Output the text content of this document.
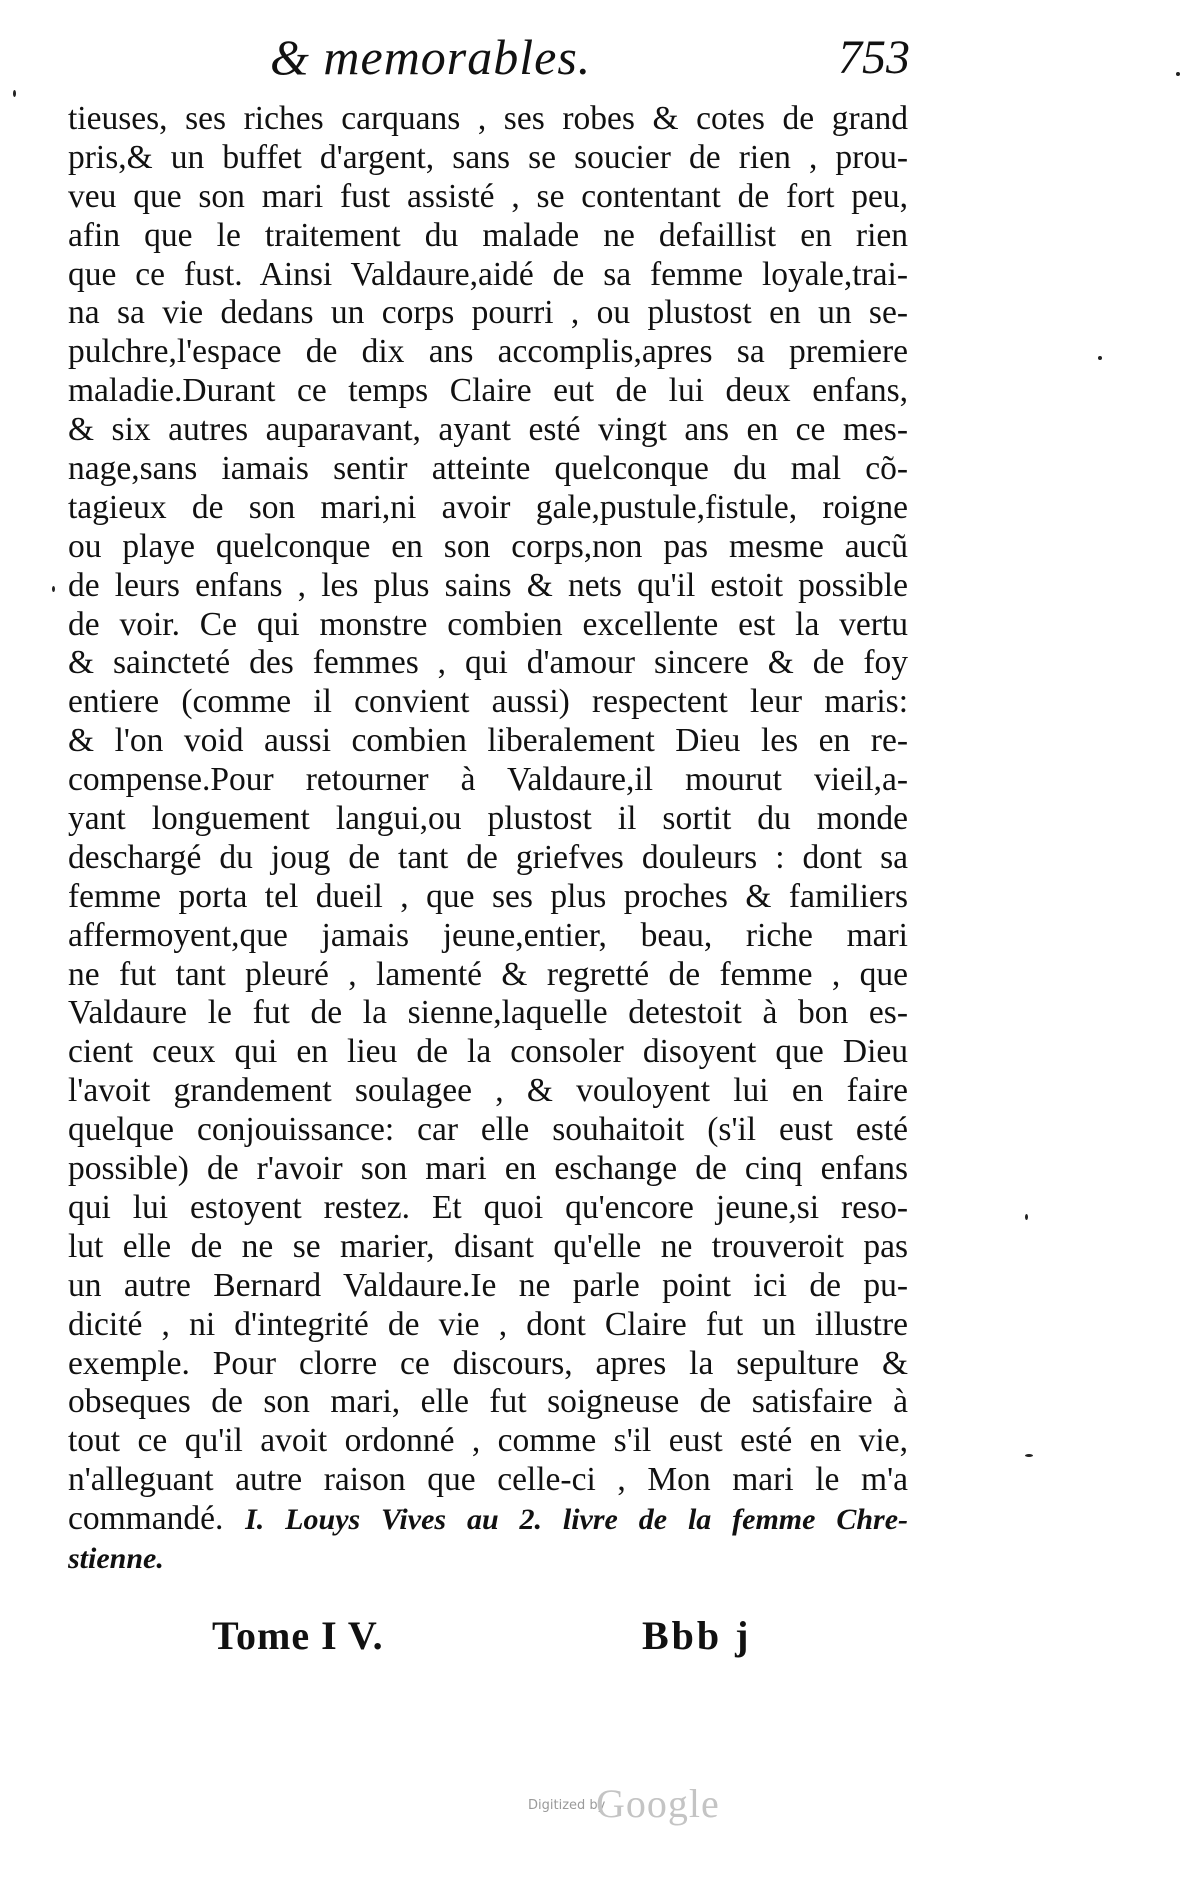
& memorables.	753
tieuses, ses riches carquans , ses robes & cotes de grand
pris,& un buffet d'argent, sans se soucier de rien , prou-
veu que son mari fust assisté , se contentant de fort peu,
afin que le traitement du malade ne defaillist en rien
que ce fust. Ainsi Valdaure,aidé de sa femme loyale,trai-
na sa vie dedans un corps pourri , ou plustost en un se-
pulchre,l'espace de dix ans accomplis,apres sa premiere
maladie.Durant ce temps Claire eut de lui deux enfans,
& six autres auparavant, ayant esté vingt ans en ce mes-
nage,sans iamais sentir atteinte quelconque du mal cõ-
tagieux de son mari,ni avoir gale,pustule,fistule, roigne
ou playe quelconque en son corps,non pas mesme aucũ
de leurs enfans , les plus sains & nets qu'il estoit possible
de voir. Ce qui monstre combien excellente est la vertu
& saincteté des femmes , qui d'amour sincere & de foy
entiere (comme il convient aussi) respectent leur maris:
& l'on void aussi combien liberalement Dieu les en re-
compense.Pour retourner à Valdaure,il mourut vieil,a-
yant longuement langui,ou plustost il sortit du monde
deschargé du joug de tant de griefves douleurs : dont sa
femme porta tel dueil , que ses plus proches & familiers
affermoyent,que jamais jeune,entier, beau, riche mari
ne fut tant pleuré , lamenté & regretté de femme , que
Valdaure le fut de la sienne,laquelle detestoit à bon es-
cient ceux qui en lieu de la consoler disoyent que Dieu
l'avoit grandement soulagee , & vouloyent lui en faire
quelque conjouissance: car elle souhaitoit (s'il eust esté
possible) de r'avoir son mari en eschange de cinq enfans
qui lui estoyent restez. Et quoi qu'encore jeune,si reso-
lut elle de ne se marier, disant qu'elle ne trouveroit pas
un autre Bernard Valdaure.Ie ne parle point ici de pu-
dicité , ni d'integrité de vie , dont Claire fut un illustre
exemple. Pour clorre ce discours, apres la sepulture &
obseques de son mari, elle fut soigneuse de satisfaire à
tout ce qu'il avoit ordonné , comme s'il eust esté en vie,
n'alleguant autre raison que celle-ci , Mon mari le m'a
commandé. I. Louys Vives au 2. livre de la femme Chre-
stienne.
Tome I V.	Bbb j
Digitized by
Google
